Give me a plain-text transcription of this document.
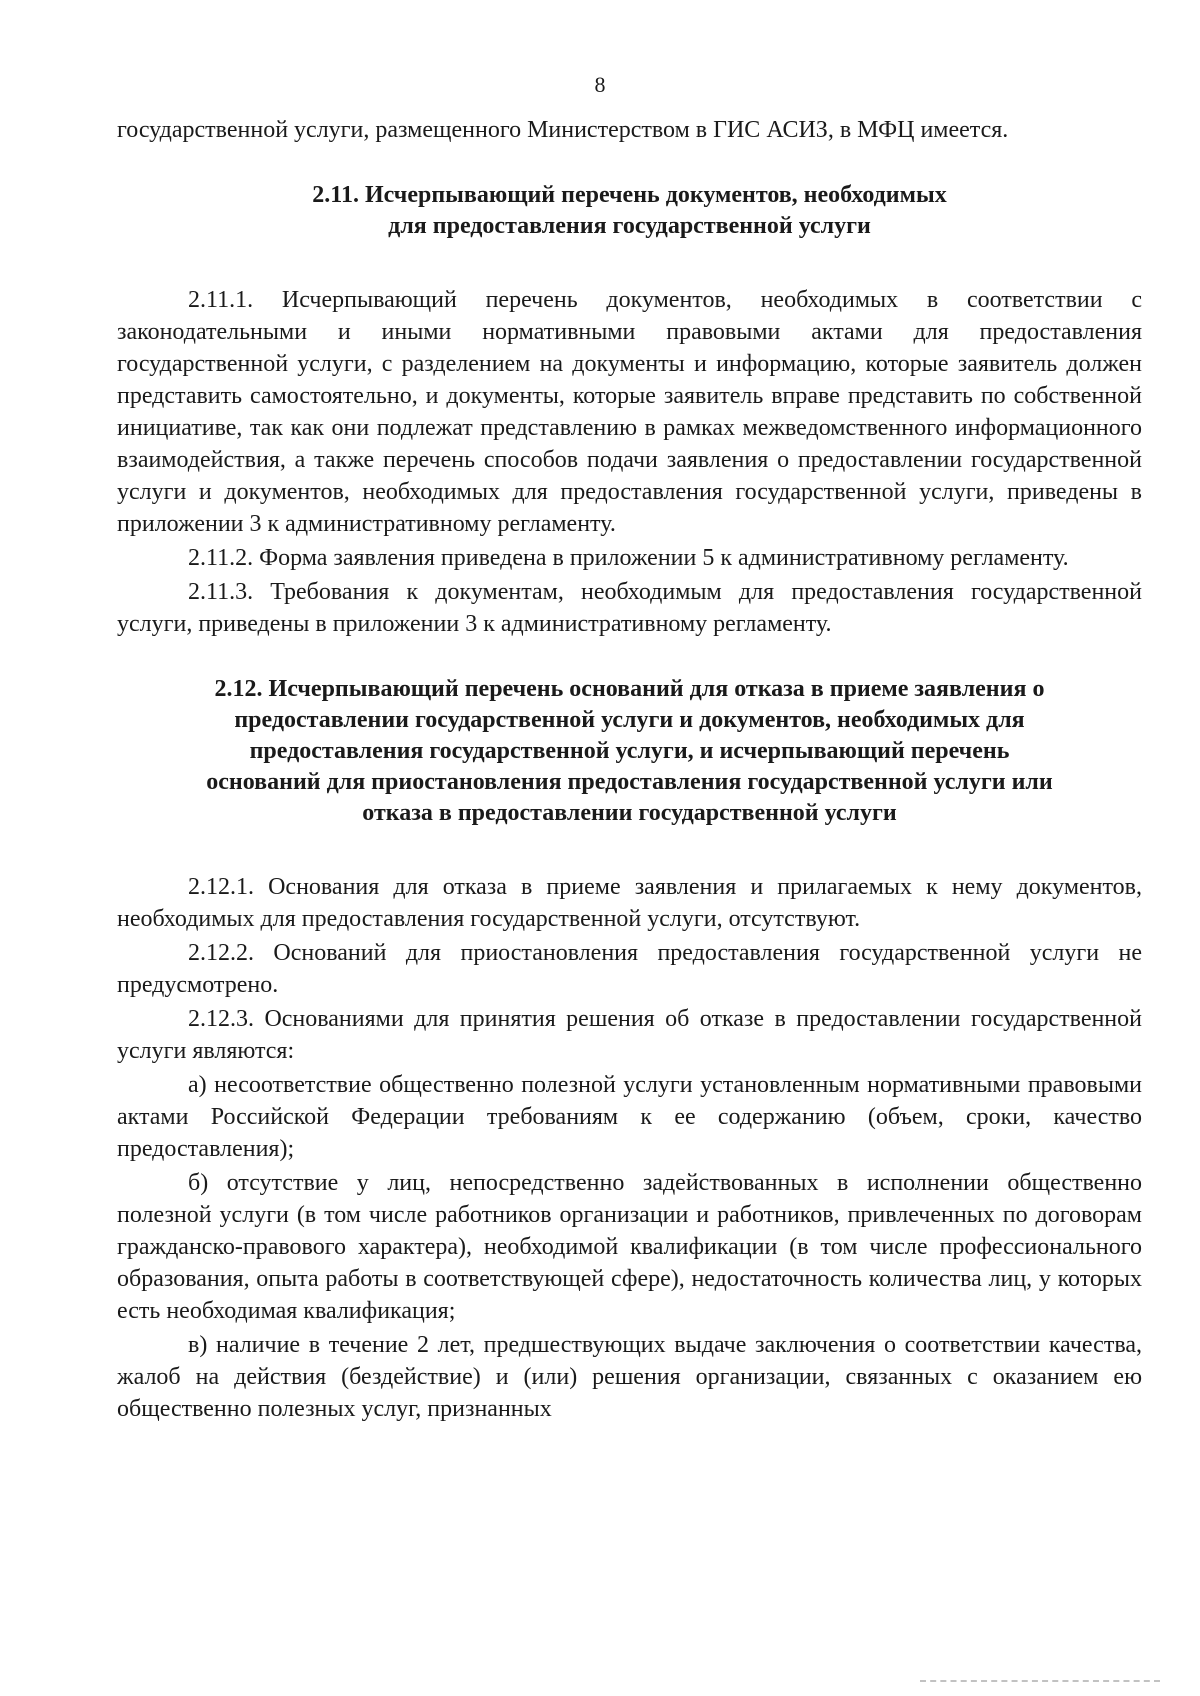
8

государственной услуги, размещенного Министерством в ГИС АСИЗ, в МФЦ имеется.

2.11. Исчерпывающий перечень документов, необходимых
для предоставления государственной услуги

2.11.1. Исчерпывающий перечень документов, необходимых в соответствии с законодательными и иными нормативными правовыми актами для предоставления государственной услуги, с разделением на документы и информацию, которые заявитель должен представить самостоятельно, и документы, которые заявитель вправе представить по собственной инициативе, так как они подлежат представлению в рамках межведомственного информационного взаимодействия, а также перечень способов подачи заявления о предоставлении государственной услуги и документов, необходимых для предоставления государственной услуги, приведены в приложении 3 к административному регламенту.

2.11.2. Форма заявления приведена в приложении 5 к административному регламенту.

2.11.3. Требования к документам, необходимым для предоставления государственной услуги, приведены в приложении 3 к административному регламенту.

2.12. Исчерпывающий перечень оснований для отказа в приеме заявления о
предоставлении государственной услуги и документов, необходимых для
предоставления государственной услуги, и исчерпывающий перечень
оснований для приостановления предоставления государственной услуги или
отказа в предоставлении государственной услуги

2.12.1. Основания для отказа в приеме заявления и прилагаемых к нему документов, необходимых для предоставления государственной услуги, отсутствуют.

2.12.2. Оснований для приостановления предоставления государственной услуги не предусмотрено.

2.12.3. Основаниями для принятия решения об отказе в предоставлении государственной услуги являются:

а) несоответствие общественно полезной услуги установленным нормативными правовыми актами Российской Федерации требованиям к ее содержанию (объем, сроки, качество предоставления);

б) отсутствие у лиц, непосредственно задействованных в исполнении общественно полезной услуги (в том числе работников организации и работников, привлеченных по договорам гражданско-правового характера), необходимой квалификации (в том числе профессионального образования, опыта работы в соответствующей сфере), недостаточность количества лиц, у которых есть необходимая квалификация;

в) наличие в течение 2 лет, предшествующих выдаче заключения о соответствии качества, жалоб на действия (бездействие) и (или) решения организации, связанных с оказанием ею общественно полезных услуг, признанных
